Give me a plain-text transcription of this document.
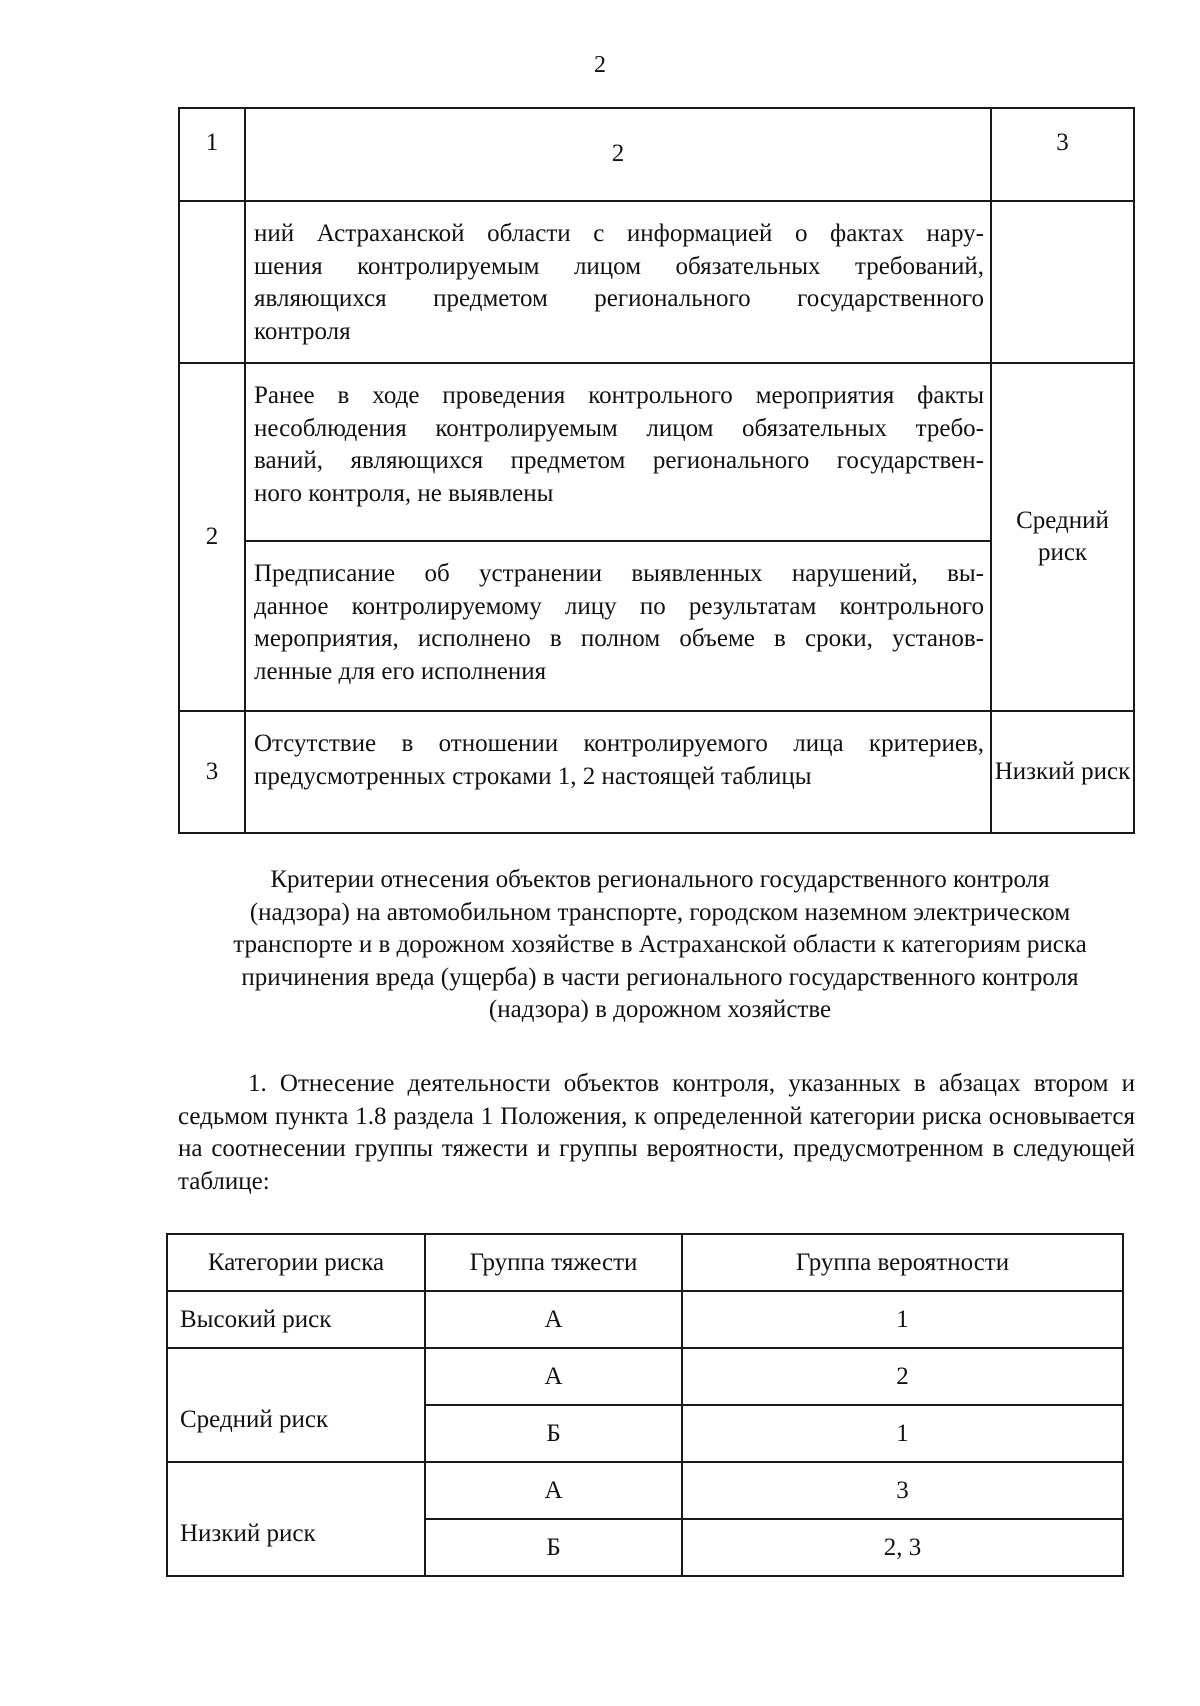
2
1	2	3

	ний Астраханской области с информацией о фактах нару-
шения контролируемым лицом обязательных требований,
являющихся предметом регионального государственного
контроля	
2	Ранее в ходе проведения контрольного мероприятия факты
несоблюдения контролируемым лицом обязательных требо-
ваний, являющихся предметом регионального государствен-
ного контроля, не выявлены	Средний риск

	Предписание об устранении выявленных нарушений, вы-
данное контролируемому лицу по результатам контрольного
мероприятия, исполнено в полном объеме в сроки, установ-
ленные для его исполнения	
3	Отсутствие в отношении контролируемого лица критериев,
предусмотренных строками 1, 2 настоящей таблицы	Низкий риск
Критерии отнесения объектов регионального государственного контроля
(надзора) на автомобильном транспорте, городском наземном электрическом
транспорте и в дорожном хозяйстве в Астраханской области к категориям риска
причинения вреда (ущерба) в части регионального государственного контроля
(надзора) в дорожном хозяйстве
1. Отнесение деятельности объектов контроля, указанных в абзацах втором и седьмом пункта 1.8 раздела 1 Положения, к определенной категории риска основывается на соотнесении группы тяжести и группы вероятности, предусмотренном в следующей таблице:
Категории риска	Группа тяжести	Группа вероятности
Высокий риск	А	1
Средний риск	А	2
	Б	1
Низкий риск	А	3
	Б	2, 3
